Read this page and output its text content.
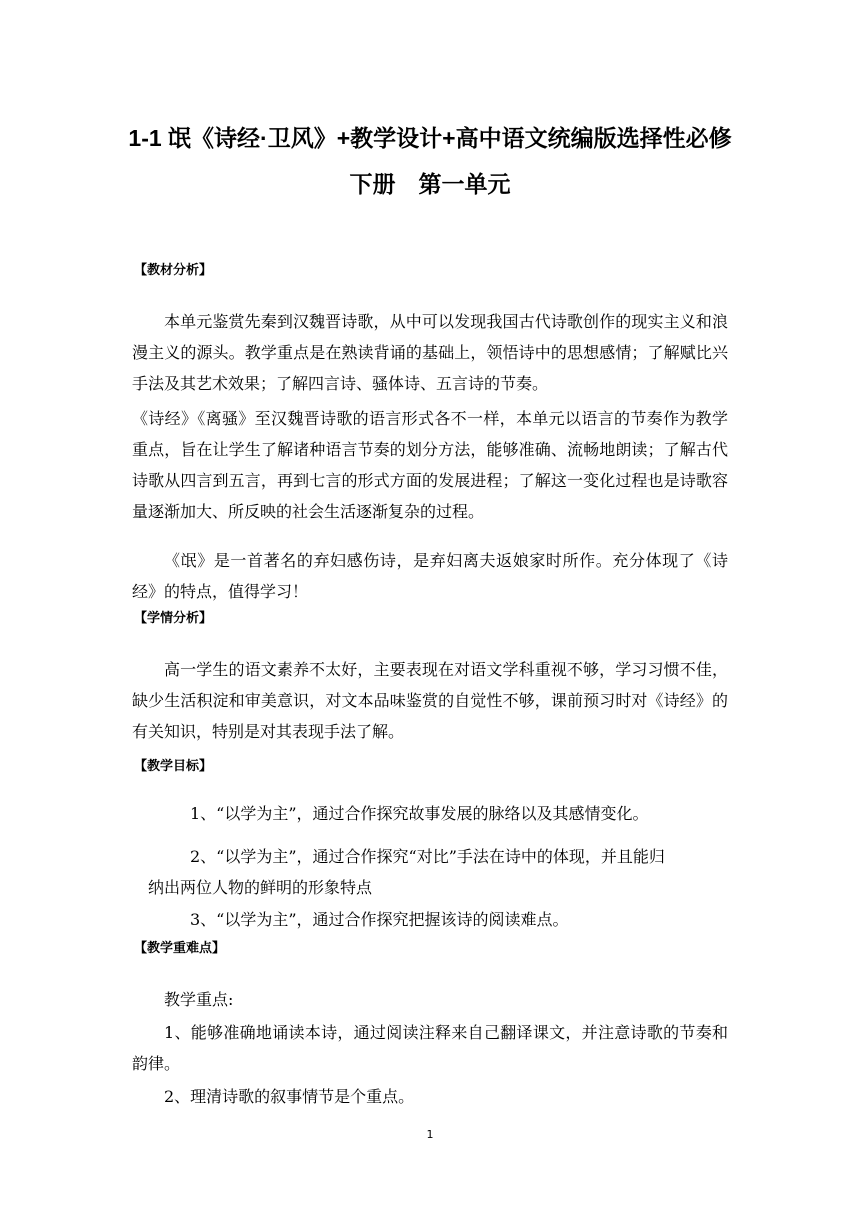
1-1 氓《诗经·卫风》+教学设计+高中语文统编版选择性必修下册　第一单元
【教材分析】

本单元鉴赏先秦到汉魏晋诗歌，从中可以发现我国古代诗歌创作的现实主义和浪漫主义的源头。教学重点是在熟读背诵的基础上，领悟诗中的思想感情；了解赋比兴手法及其艺术效果；了解四言诗、骚体诗、五言诗的节奏。

《诗经》《离骚》至汉魏晋诗歌的语言形式各不一样，本单元以语言的节奏作为教学重点，旨在让学生了解诸种语言节奏的划分方法，能够准确、流畅地朗读；了解古代诗歌从四言到五言，再到七言的形式方面的发展进程；了解这一变化过程也是诗歌容量逐渐加大、所反映的社会生活逐渐复杂的过程。

《氓》是一首著名的弃妇感伤诗，是弃妇离夫返娘家时所作。充分体现了《诗经》的特点，值得学习！

【学情分析】

高一学生的语文素养不太好，主要表现在对语文学科重视不够，学习习惯不佳，缺少生活积淀和审美意识，对文本品味鉴赏的自觉性不够，课前预习时对《诗经》的有关知识，特别是对其表现手法了解。

【教学目标】

1、“以学为主”，通过合作探究故事发展的脉络以及其感情变化。

2、“以学为主”，通过合作探究“对比”手法在诗中的体现，并且能归

纳出两位人物的鲜明的形象特点

3、“以学为主”，通过合作探究把握该诗的阅读难点。

【教学重难点】

教学重点:

1、能够准确地诵读本诗，通过阅读注释来自己翻译课文，并注意诗歌的节奏和韵律。

2、理清诗歌的叙事情节是个重点。

1
